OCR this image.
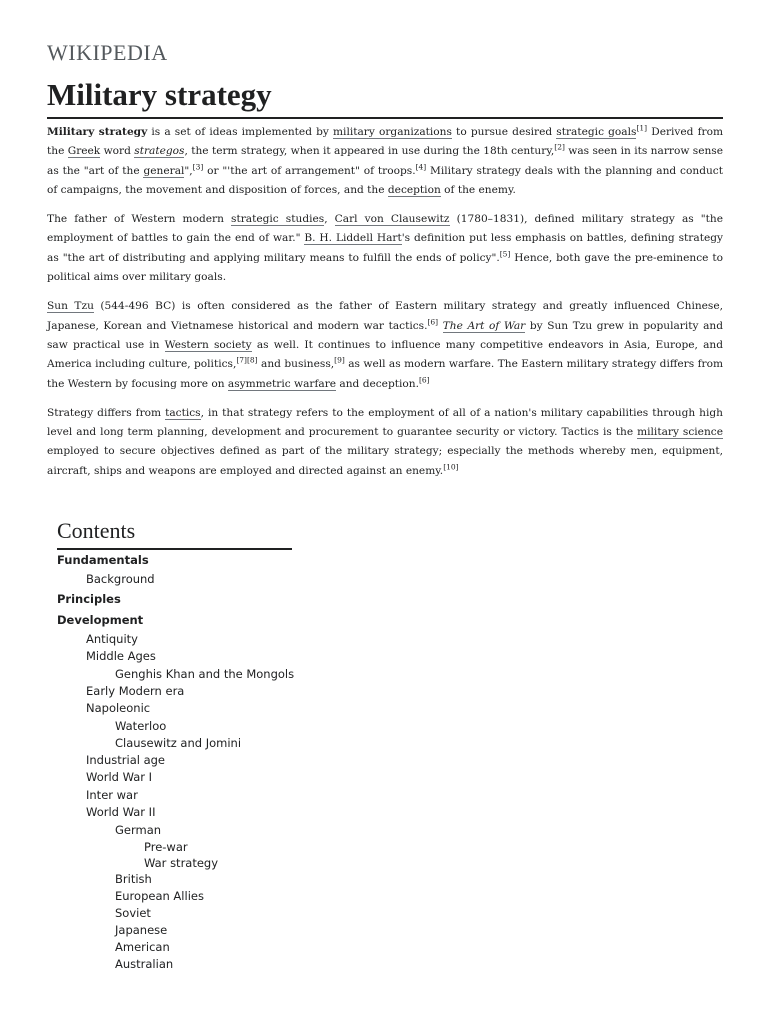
WIKIPEDIA
Military strategy

Military strategy is a set of ideas implemented by military organizations to pursue desired strategic goals[1] Derived from the Greek word strategos, the term strategy, when it appeared in use during the 18th century,[2] was seen in its narrow sense as the "art of the general",[3] or "'the art of arrangement" of troops.[4] Military strategy deals with the planning and conduct of campaigns, the movement and disposition of forces, and the deception of the enemy.

The father of Western modern strategic studies, Carl von Clausewitz (1780–1831), defined military strategy as "the employment of battles to gain the end of war." B. H. Liddell Hart's definition put less emphasis on battles, defining strategy as "the art of distributing and applying military means to fulfill the ends of policy".[5] Hence, both gave the pre-eminence to political aims over military goals.

Sun Tzu (544-496 BC) is often considered as the father of Eastern military strategy and greatly influenced Chinese, Japanese, Korean and Vietnamese historical and modern war tactics.[6] The Art of War by Sun Tzu grew in popularity and saw practical use in Western society as well. It continues to influence many competitive endeavors in Asia, Europe, and America including culture, politics,[7][8] and business,[9] as well as modern warfare. The Eastern military strategy differs from the Western by focusing more on asymmetric warfare and deception.[6]

Strategy differs from tactics, in that strategy refers to the employment of all of a nation's military capabilities through high level and long term planning, development and procurement to guarantee security or victory. Tactics is the military science employed to secure objectives defined as part of the military strategy; especially the methods whereby men, equipment, aircraft, ships and weapons are employed and directed against an enemy.[10]

Contents
Fundamentals
Background
Principles
Development
Antiquity
Middle Ages
Genghis Khan and the Mongols
Early Modern era
Napoleonic
Waterloo
Clausewitz and Jomini
Industrial age
World War I
Inter war
World War II
German
Pre-war
War strategy
British
European Allies
Soviet
Japanese
American
Australian
